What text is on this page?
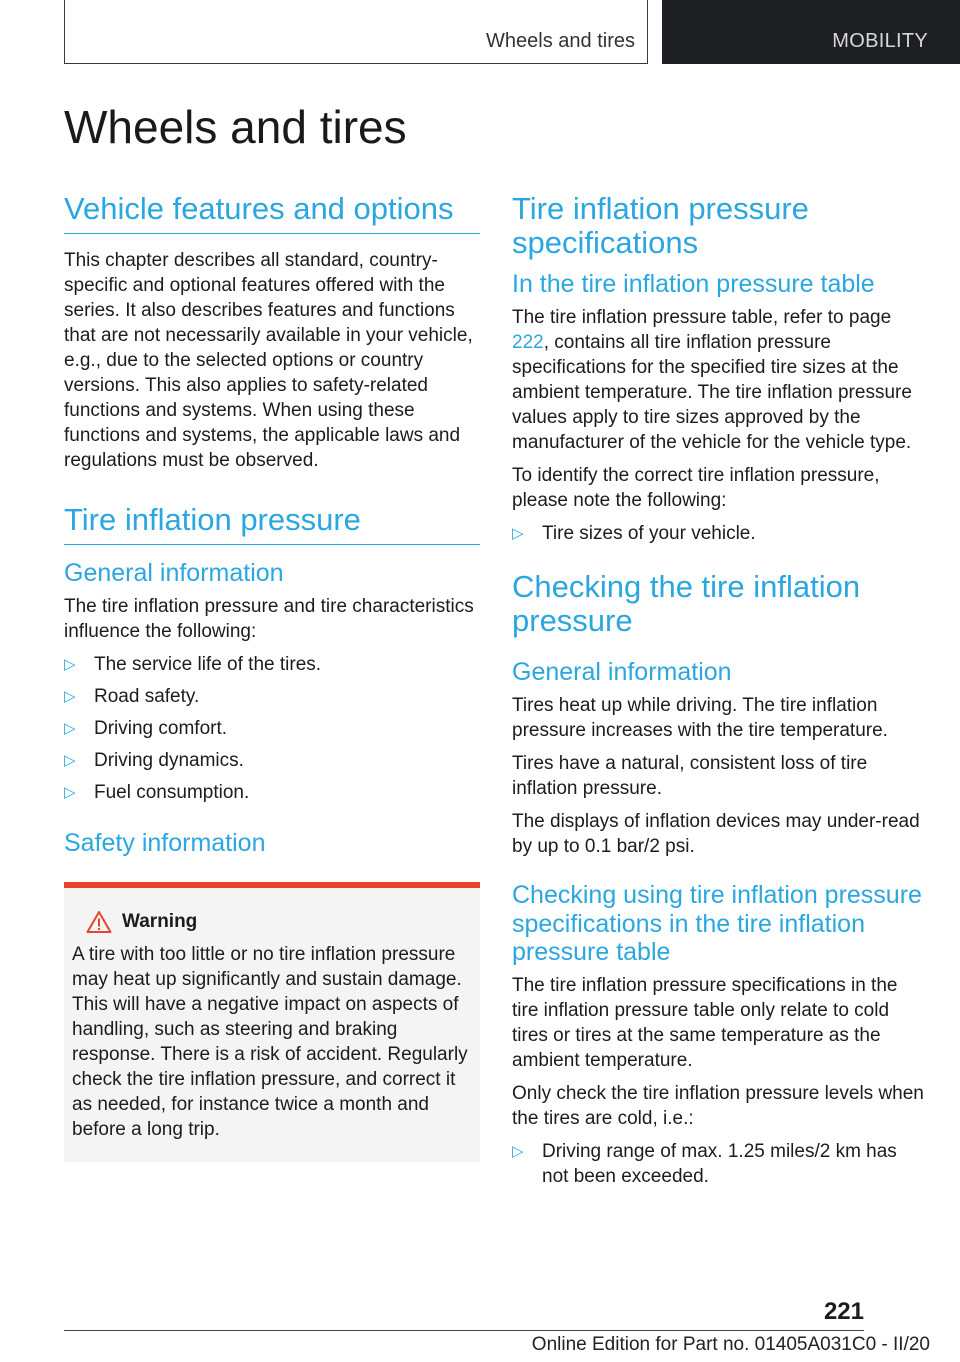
Wheels and tires	MOBILITY
Wheels and tires
Vehicle features and options

This chapter describes all standard, country-specific and optional features offered with the series. It also describes features and functions that are not necessarily available in your vehicle, e.g., due to the selected options or country versions. This also applies to safety-related functions and systems. When using these functions and systems, the applicable laws and regulations must be observed.

Tire inflation pressure
General information

The tire inflation pressure and tire characteristics influence the following:

▷ The service life of the tires.
▷ Road safety.
▷ Driving comfort.
▷ Driving dynamics.
▷ Fuel consumption.
Safety information
Warning

A tire with too little or no tire inflation pressure may heat up significantly and sustain damage. This will have a negative impact on aspects of handling, such as steering and braking response. There is a risk of accident. Regularly check the tire inflation pressure, and correct it as needed, for instance twice a month and before a long trip.

Tire inflation pressure specifications
In the tire inflation pressure table

The tire inflation pressure table, refer to page 222, contains all tire inflation pressure specifications for the specified tire sizes at the ambient temperature. The tire inflation pressure values apply to tire sizes approved by the manufacturer of the vehicle for the vehicle type.

To identify the correct tire inflation pressure, please note the following:

▷ Tire sizes of your vehicle.
Checking the tire inflation pressure
General information

Tires heat up while driving. The tire inflation pressure increases with the tire temperature.

Tires have a natural, consistent loss of tire inflation pressure.

The displays of inflation devices may under-read by up to 0.1 bar/2 psi.

Checking using tire inflation pressure specifications in the tire inflation pressure table

The tire inflation pressure specifications in the tire inflation pressure table only relate to cold tires or tires at the same temperature as the ambient temperature.

Only check the tire inflation pressure levels when the tires are cold, i.e.:

▷ Driving range of max. 1.25 miles/2 km has not been exceeded.
221
Online Edition for Part no. 01405A031C0 - II/20
